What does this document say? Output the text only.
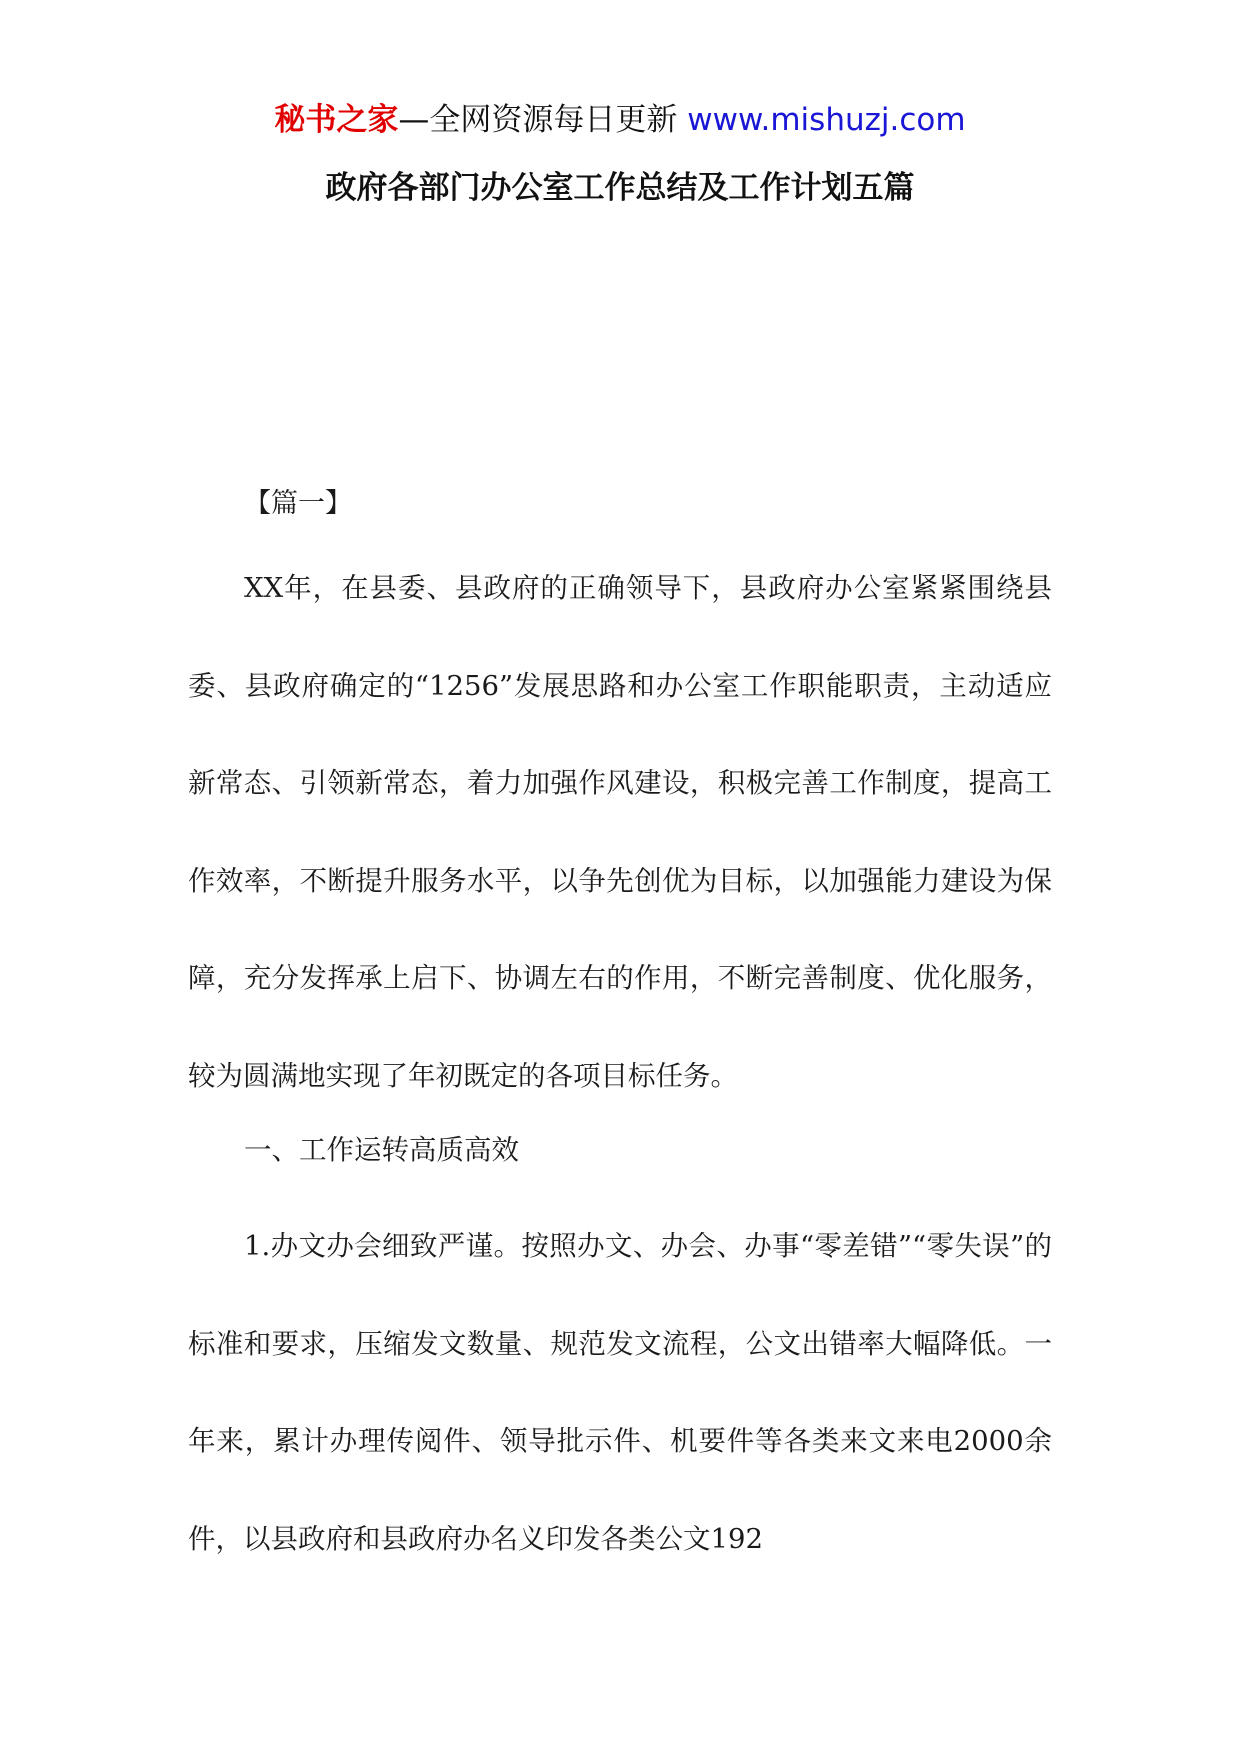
秘书之家—全网资源每日更新 www.mishuzj.com
政府各部门办公室工作总结及工作计划五篇
【篇一】

XX年，在县委、县政府的正确领导下，县政府办公室紧紧围绕县委、县政府确定的“1256”发展思路和办公室工作职能职责，主动适应新常态、引领新常态，着力加强作风建设，积极完善工作制度，提高工作效率，不断提升服务水平，以争先创优为目标，以加强能力建设为保障，充分发挥承上启下、协调左右的作用，不断完善制度、优化服务，较为圆满地实现了年初既定的各项目标任务。

一、工作运转高质高效

1.办文办会细致严谨。按照办文、办会、办事“零差错”“零失误”的标准和要求，压缩发文数量、规范发文流程，公文出错率大幅降低。一年来，累计办理传阅件、领导批示件、机要件等各类来文来电2000余件，以县政府和县政府办名义印发各类公文192
